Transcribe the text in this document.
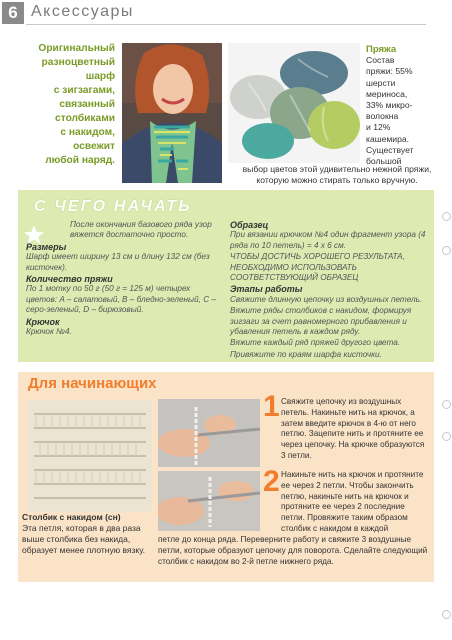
6 Аксессуары
Оригинальный
разноцветный
шарф
с зигзагами,
связанный
столбиками
с накидом,
освежит
любой наряд.
Пряжа
Состав
пряжи: 55%
шерсти
мериноса,
33% микро-
волокна
и 12%
кашемира.
Существует
большой
выбор цветов этой удивительно нежной пряжи, которую можно стирать только вручную.
С ЧЕГО НАЧАТЬ
После окончания базового ряда узор вяжется достаточно просто.
Размеры
Шарф имеет ширину 13 см и длину 132 см (без кисточек).
Количество пряжи
По 1 мотку по 50 г (50 г = 125 м) четырех цветов: A – салатовый, B – бледно-зеленый, C – серо-зеленый, D – бирюзовый.
Крючок
Крючок №4.
Образец
При вязании крючком №4 один фрагмент узора (4 ряда по 10 петель) = 4 х 6 см.
ЧТОБЫ ДОСТИЧЬ ХОРОШЕГО РЕЗУЛЬТАТА, НЕОБХОДИМО ИСПОЛЬЗОВАТЬ СООТВЕТСТВУЮЩИЙ ОБРАЗЕЦ
Этапы работы
Свяжите длинную цепочку из воздушных петель.
Вяжите ряды столбиков с накидом, формируя зигзаги за счет равномерного прибавления и убавления петель в каждом ряду.
Вяжите каждый ряд пряжей другого цвета.
Привяжите по краям шарфа кисточки.
Для начинающих
1 Свяжите цепочку из воздушных петель. Накиньте нить на крючок, а затем введите крючок в 4-ю от него петлю. Зацепите нить и протяните ее через цепочку. На крючке образуются 3 петли.
2 Накиньте нить на крючок и протяните ее через 2 петли. Чтобы закончить петлю, накиньте нить на крючок и протяните ее через 2 последние петли. Провяжите таким образом столбик с накидом в каждой
петле до конца ряда. Переверните работу и свяжите 3 воздушные петли, которые образуют цепочку для поворота. Сделайте следующий столбик с накидом во 2-й петле нижнего ряда.
Столбик с накидом (сн)
Эта петля, которая в два раза выше столбика без накида, образует менее плотную вязку.
